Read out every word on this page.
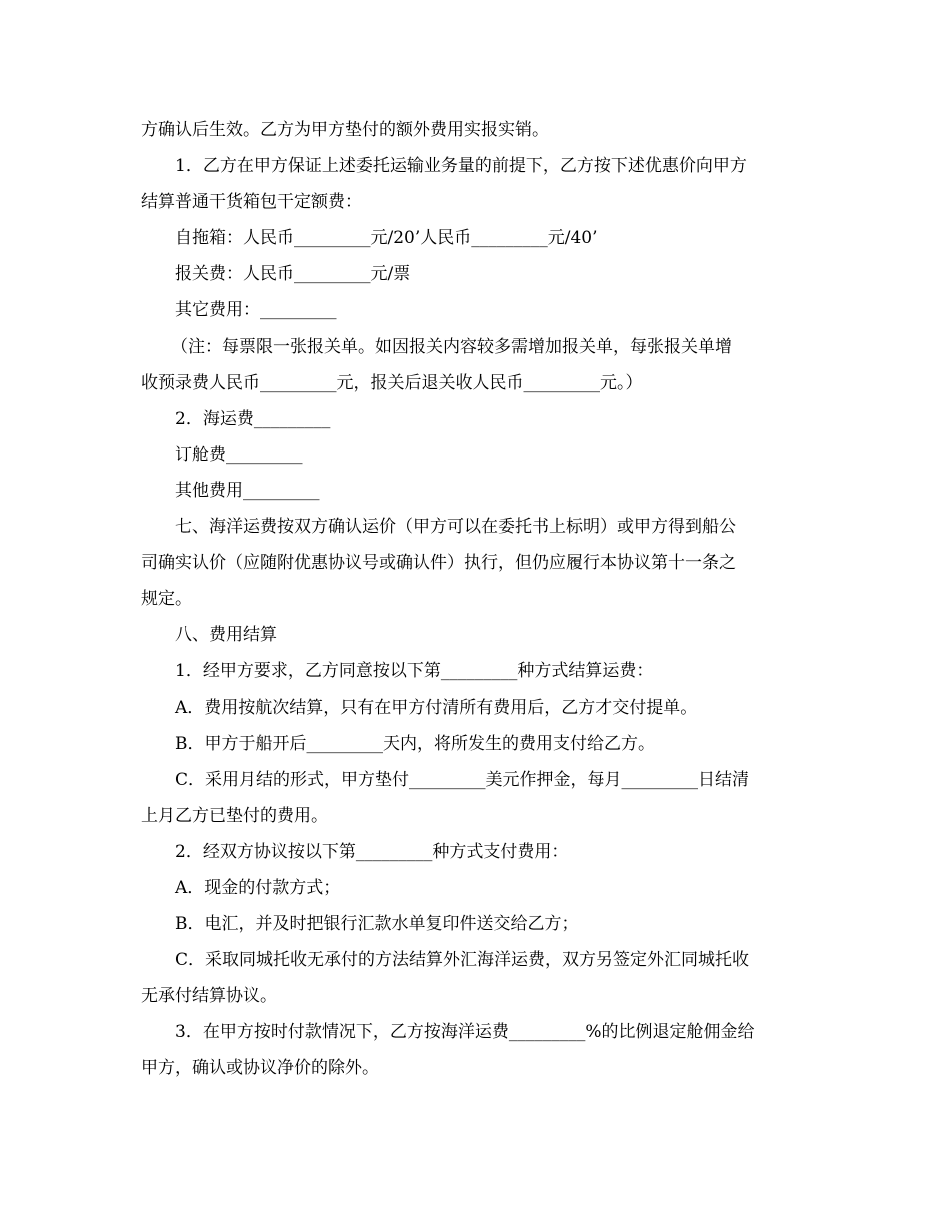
方确认后生效。乙方为甲方垫付的额外费用实报实销。
1．乙方在甲方保证上述委托运输业务量的前提下，乙方按下述优惠价向甲方
结算普通干货箱包干定额费：
自拖箱：人民币_________元/20’人民币_________元/40’
报关费：人民币_________元/票
其它费用：_________
（注：每票限一张报关单。如因报关内容较多需增加报关单，每张报关单增
收预录费人民币_________元，报关后退关收人民币_________元。）
2．海运费_________
订舱费_________
其他费用_________
七、海洋运费按双方确认运价（甲方可以在委托书上标明）或甲方得到船公
司确实认价（应随附优惠协议号或确认件）执行，但仍应履行本协议第十一条之
规定。
八、费用结算
1．经甲方要求，乙方同意按以下第_________种方式结算运费：
A．费用按航次结算，只有在甲方付清所有费用后，乙方才交付提单。
B．甲方于船开后_________天内，将所发生的费用支付给乙方。
C．采用月结的形式，甲方垫付_________美元作押金，每月_________日结清
上月乙方已垫付的费用。
2．经双方协议按以下第_________种方式支付费用：
A．现金的付款方式；
B．电汇，并及时把银行汇款水单复印件送交给乙方；
C．采取同城托收无承付的方法结算外汇海洋运费，双方另签定外汇同城托收
无承付结算协议。
3．在甲方按时付款情况下，乙方按海洋运费_________%的比例退定舱佣金给
甲方，确认或协议净价的除外。
